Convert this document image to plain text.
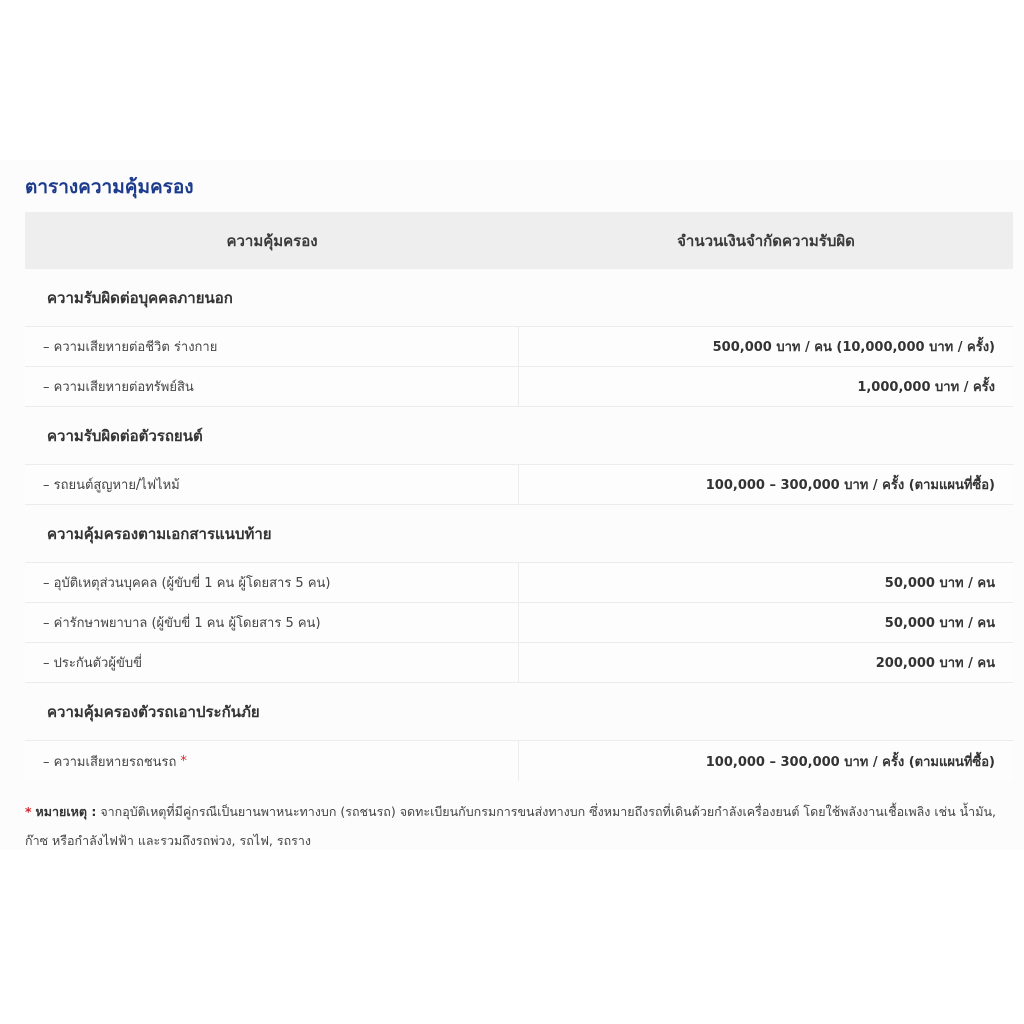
ตารางความคุ้มครอง
ความคุ้มครอง	จำนวนเงินจำกัดความรับผิด
ความรับผิดต่อบุคคลภายนอก
– ความเสียหายต่อชีวิต ร่างกาย	500,000 บาท / คน (10,000,000 บาท / ครั้ง)
– ความเสียหายต่อทรัพย์สิน	1,000,000 บาท / ครั้ง
ความรับผิดต่อตัวรถยนต์
– รถยนต์สูญหาย/ไฟไหม้	100,000 – 300,000 บาท / ครั้ง (ตามแผนที่ซื้อ)
ความคุ้มครองตามเอกสารแนบท้าย
– อุบัติเหตุส่วนบุคคล (ผู้ขับขี่ 1 คน ผู้โดยสาร 5 คน)	50,000 บาท / คน
– ค่ารักษาพยาบาล (ผู้ขับขี่ 1 คน ผู้โดยสาร 5 คน)	50,000 บาท / คน
– ประกันตัวผู้ขับขี่	200,000 บาท / คน
ความคุ้มครองตัวรถเอาประกันภัย
– ความเสียหายรถชนรถ *	100,000 – 300,000 บาท / ครั้ง (ตามแผนที่ซื้อ)
* หมายเหตุ : จากอุบัติเหตุที่มีคู่กรณีเป็นยานพาหนะทางบก (รถชนรถ) จดทะเบียนกับกรมการขนส่งทางบก ซึ่งหมายถึงรถที่เดินด้วยกำลังเครื่องยนต์ โดยใช้พลังงานเชื้อเพลิง เช่น น้ำมัน, ก๊าซ หรือกำลังไฟฟ้า และรวมถึงรถพ่วง, รถไฟ, รถราง
